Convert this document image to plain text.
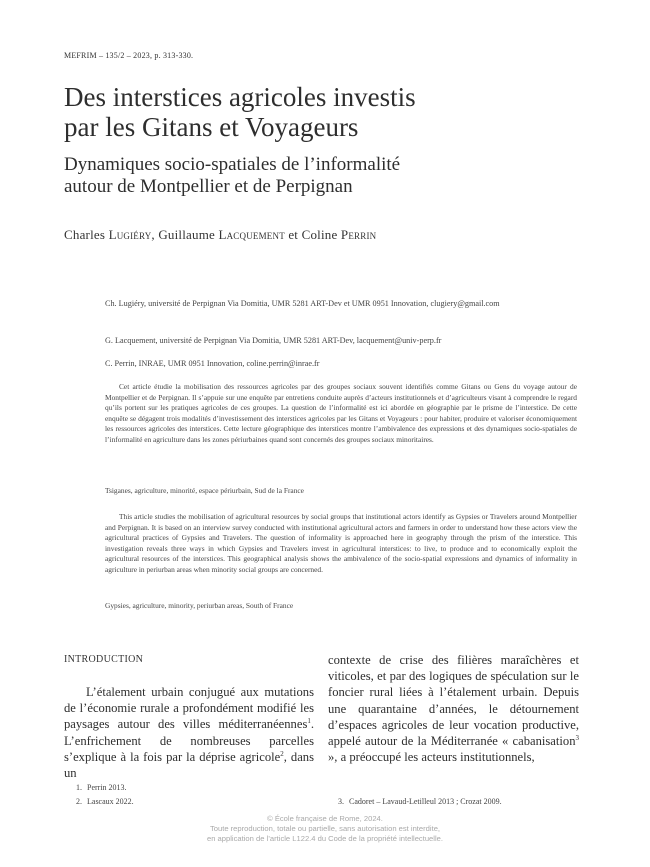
MEFRIM – 135/2 – 2023, p. 313-330.
Des interstices agricoles investis
par les Gitans et Voyageurs
Dynamiques socio-spatiales de l’informalité
autour de Montpellier et de Perpignan
Charles Lugiéry, Guillaume Lacquement et Coline Perrin
Ch. Lugiéry, université de Perpignan Via Domitia, UMR 5281 ART-Dev et UMR 0951 Innovation, clugiery@gmail.com
G. Lacquement, université de Perpignan Via Domitia, UMR 5281 ART-Dev, lacquement@univ-perp.fr
C. Perrin, INRAE, UMR 0951 Innovation, coline.perrin@inrae.fr
Cet article étudie la mobilisation des ressources agricoles par des groupes sociaux souvent identifiés comme Gitans ou Gens du voyage autour de Montpellier et de Perpignan. Il s’appuie sur une enquête par entretiens conduite auprès d’acteurs institutionnels et d’agriculteurs visant à comprendre le regard qu’ils portent sur les pratiques agricoles de ces groupes. La question de l’informalité est ici abordée en géographie par le prisme de l’interstice. De cette enquête se dégagent trois modalités d’investissement des interstices agricoles par les Gitans et Voyageurs : pour habiter, produire et valoriser économiquement les ressources agricoles des interstices. Cette lecture géographique des interstices montre l’ambivalence des expressions et des dynamiques socio-spatiales de l’informalité en agriculture dans les zones périurbaines quand sont concernés des groupes sociaux minoritaires.
Tsiganes, agriculture, minorité, espace périurbain, Sud de la France
This article studies the mobilisation of agricultural resources by social groups that institutional actors identify as Gypsies or Travelers around Montpellier and Perpignan. It is based on an interview survey conducted with institutional agricultural actors and farmers in order to understand how these actors view the agricultural practices of Gypsies and Travelers. The question of informality is approached here in geography through the prism of the interstice. This investigation reveals three ways in which Gypsies and Travelers invest in agricultural interstices: to live, to produce and to economically exploit the agricultural resources of the interstices. This geographical analysis shows the ambivalence of the socio-spatial expressions and dynamics of informality in agriculture in periurban areas when minority social groups are concerned.
Gypsies, agriculture, minority, periurban areas, South of France
INTRODUCTION
L’étalement urbain conjugué aux mutations de l’économie rurale a profondément modifié les paysages autour des villes méditerranéennes$^1$. L’enfrichement de nombreuses parcelles s’explique à la fois par la déprise agricole$^2$, dans un
contexte de crise des filières maraîchères et viticoles, et par des logiques de spéculation sur le foncier rural liées à l’étalement urbain. Depuis une quarantaine d’années, le détournement d’espaces agricoles de leur vocation productive, appelé autour de la Méditerranée « cabanisation$^3$ », a préoccupé les acteurs institutionnels,
1. Perrin 2013.
2. Lascaux 2022.	3. Cadoret – Lavaud-Letilleul 2013 ; Crozat 2009.
© École française de Rome, 2024.
Toute reproduction, totale ou partielle, sans autorisation est interdite,
en application de l’article L122.4 du Code de la propriété intellectuelle.
